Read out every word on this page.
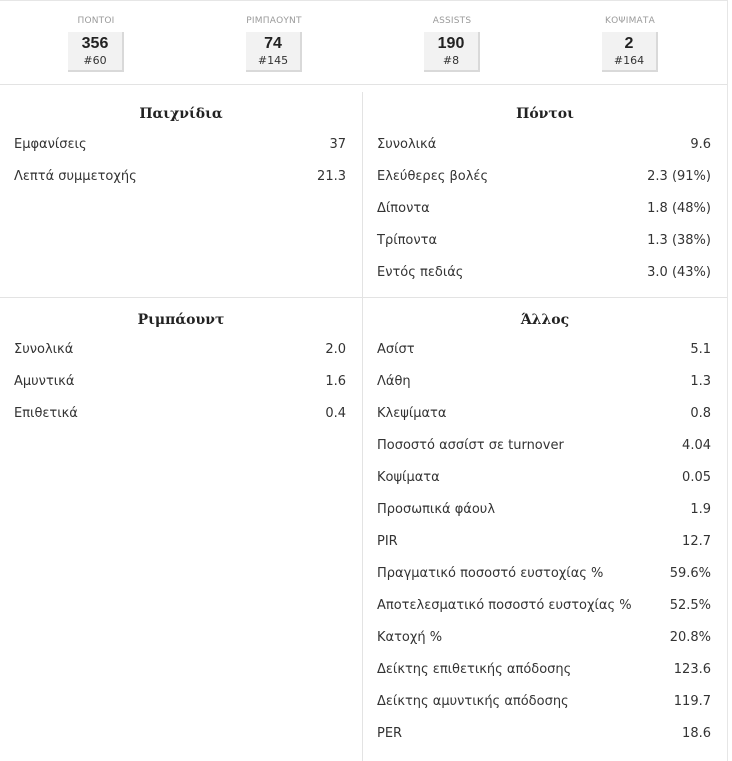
ΠΟΝΤΟΙ
356
#60
ΡΙΜΠΑΟΥΝΤ
74
#145
ASSISTS
190
#8
ΚΟΨΙΜΑΤΑ
2
#164
Παιχνίδια
Εμφανίσεις	37
Λεπτά συμμετοχής	21.3
Πόντοι
Συνολικά	9.6
Ελεύθερες βολές	2.3 (91%)
Δίποντα	1.8 (48%)
Τρίποντα	1.3 (38%)
Εντός πεδιάς	3.0 (43%)
Ριμπάουντ
Συνολικά	2.0
Αμυντικά	1.6
Επιθετικά	0.4
Άλλος
Ασίστ	5.1
Λάθη	1.3
Κλεψίματα	0.8
Ποσοστό ασσίστ σε turnover	4.04
Κοψίματα	0.05
Προσωπικά φάουλ	1.9
PIR	12.7
Πραγματικό ποσοστό ευστοχίας %	59.6%
Αποτελεσματικό ποσοστό ευστοχίας %	52.5%
Κατοχή %	20.8%
Δείκτης επιθετικής απόδοσης	123.6
Δείκτης αμυντικής απόδοσης	119.7
PER	18.6
